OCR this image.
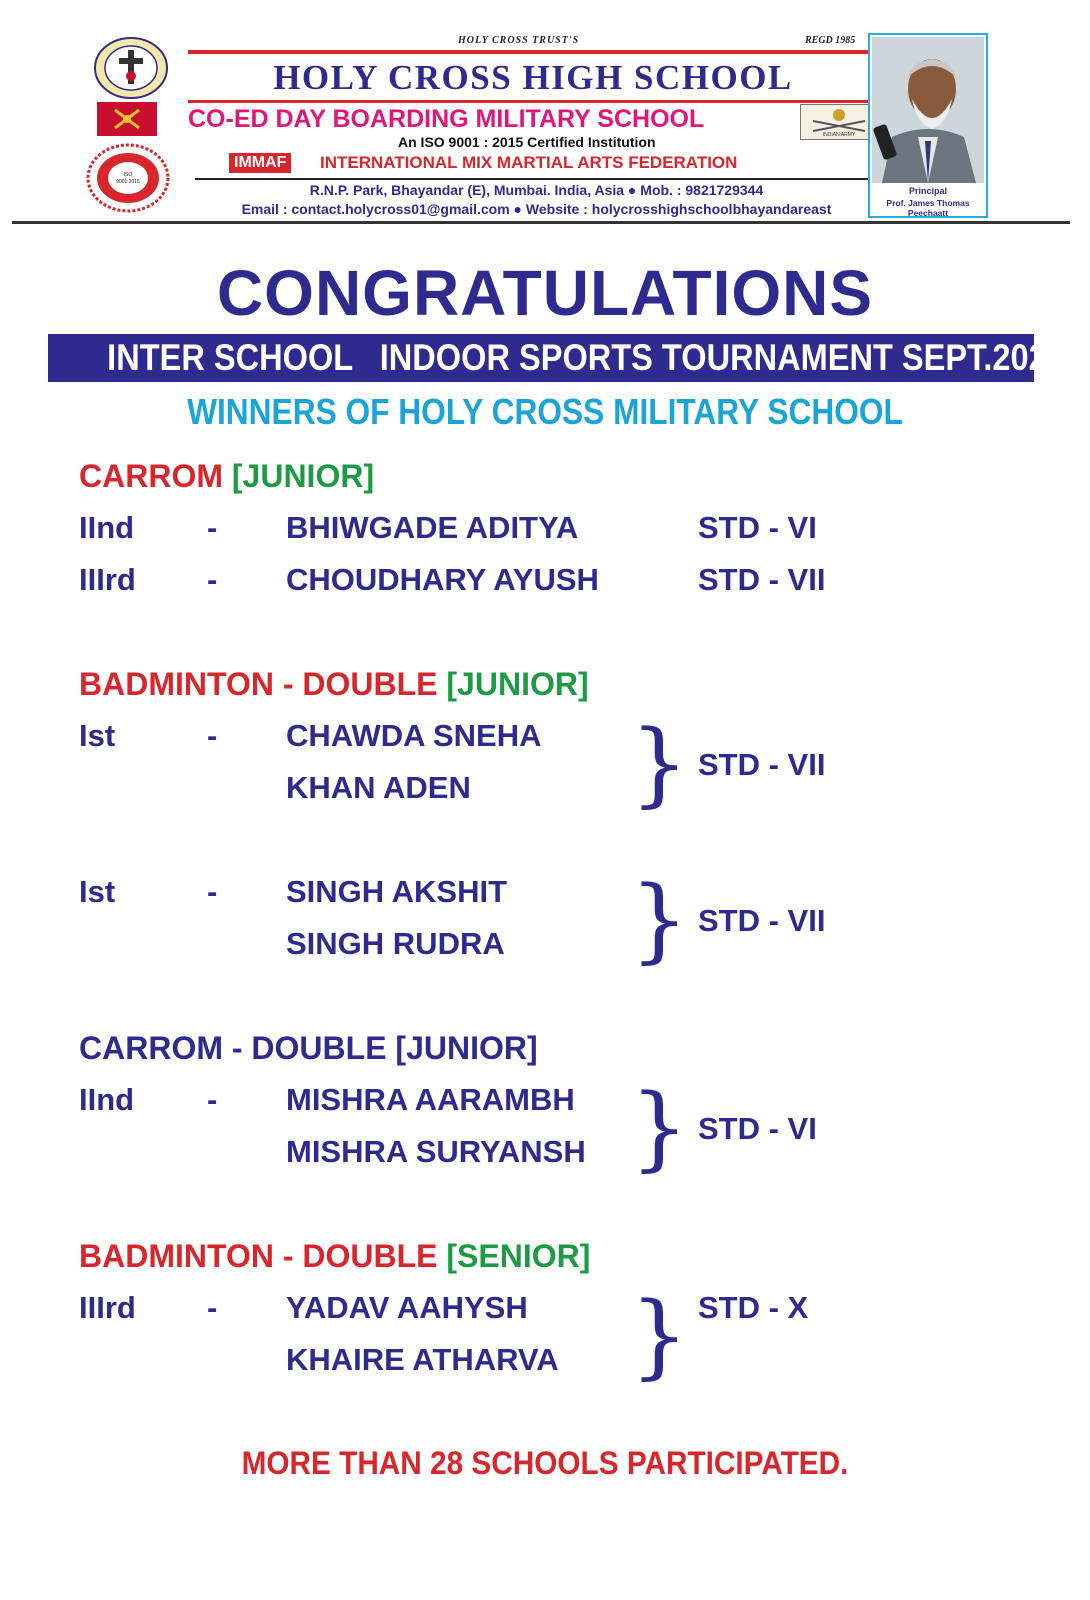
HOLY CROSS TRUST'S	REGD 1985
HOLY CROSS HIGH SCHOOL
CO-ED DAY BOARDING MILITARY SCHOOL
INDIAN ARMY
An ISO 9001 : 2015 Certified Institution
IMMAF INTERNATIONAL MIX MARTIAL ARTS FEDERATION
R.N.P. Park, Bhayandar (E), Mumbai. India, Asia ● Mob. : 9821729344
Email : contact.holycross01@gmail.com ● Website : holycrosshighschoolbhayandareast
ISO
9001:2015
Principal
Prof. James Thomas Peechaatt
CONGRATULATIONS
INTER SCHOOL   INDOOR SPORTS TOURNAMENT SEPT.2023
WINNERS OF HOLY CROSS MILITARY SCHOOL
CARROM [JUNIOR]
IInd - BHIWGADE ADITYA	STD - VI
IIIrd - CHOUDHARY AYUSH	STD - VII
BADMINTON - DOUBLE [JUNIOR]
Ist	- CHAWDA SNEHA
KHAN ADEN } STD - VII
Ist	- SINGH AKSHIT
SINGH RUDRA } STD - VII
CARROM - DOUBLE [JUNIOR]
IInd - MISHRA AARAMBH
MISHRA SURYANSH } STD - VI
BADMINTON - DOUBLE [SENIOR]
IIIrd - YADAV AAHYSH
KHAIRE ATHARVA } STD - X
MORE THAN 28 SCHOOLS PARTICIPATED.
